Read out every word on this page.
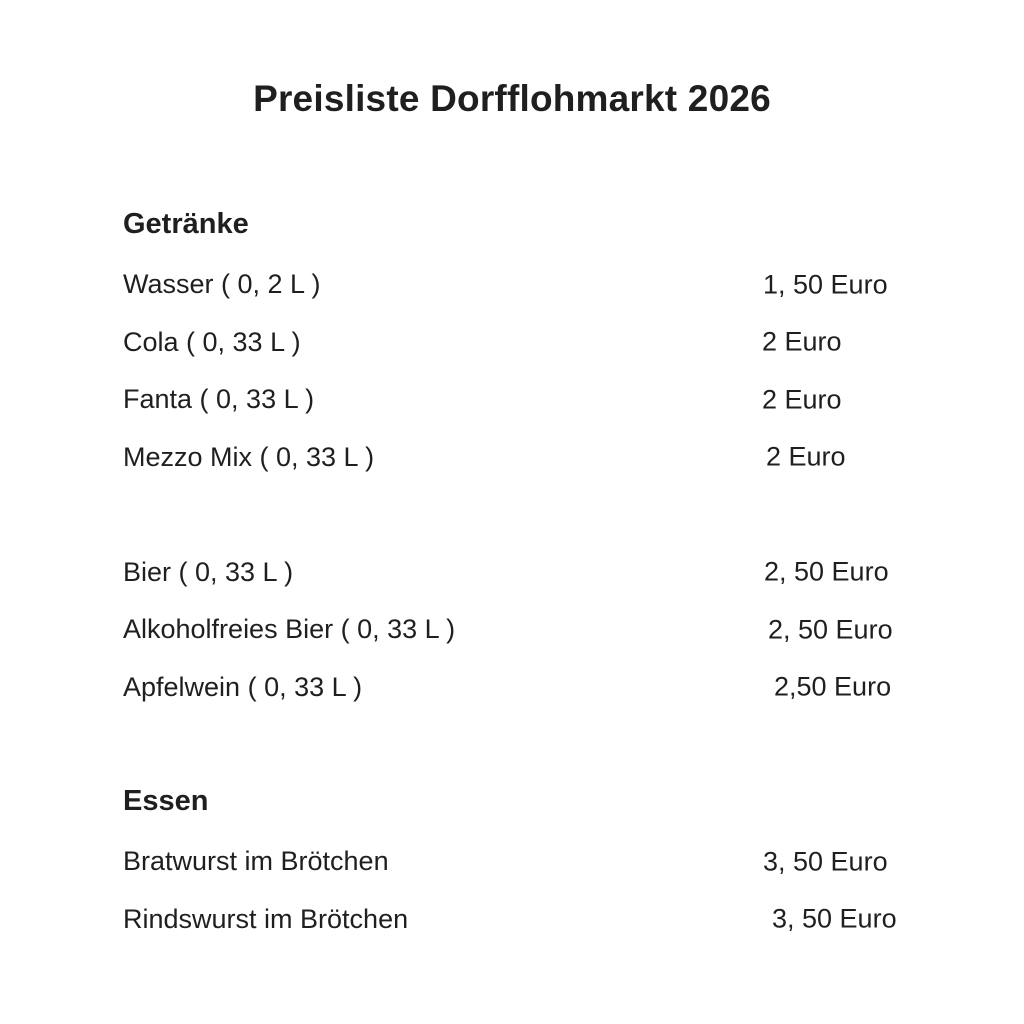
Preisliste Dorfflohmarkt 2026
Getränke
Wasser ( 0, 2 L )	1, 50 Euro
Cola ( 0, 33 L )	2 Euro
Fanta ( 0, 33 L )	2 Euro
Mezzo Mix ( 0, 33 L )	2 Euro
Bier ( 0, 33 L )	2, 50 Euro
Alkoholfreies Bier ( 0, 33 L )	2, 50 Euro
Apfelwein ( 0, 33 L )	2,50 Euro
Essen
Bratwurst im Brötchen	3, 50 Euro
Rindswurst im Brötchen	3, 50 Euro
